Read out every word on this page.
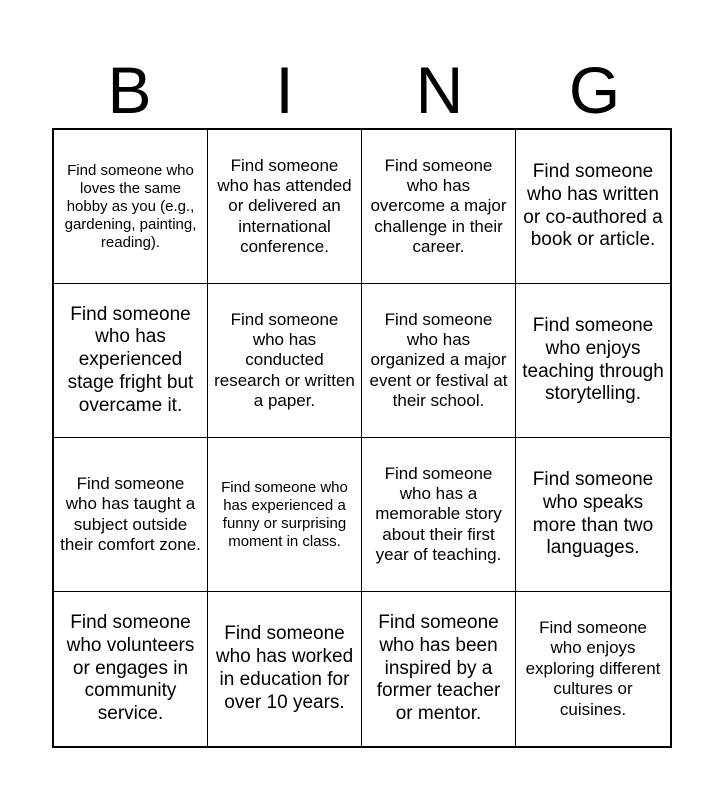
B	I	N	G
Find someone who loves the same hobby as you (e.g., gardening, painting, reading).
Find someone who has attended or delivered an international conference.
Find someone who has overcome a major challenge in their career.
Find someone who has written or co-authored a book or article.
Find someone who has experienced stage fright but overcame it.
Find someone who has conducted research or written a paper.
Find someone who has organized a major event or festival at their school.
Find someone who enjoys teaching through storytelling.
Find someone who has taught a subject outside their comfort zone.
Find someone who has experienced a funny or surprising moment in class.
Find someone who has a memorable story about their first year of teaching.
Find someone who speaks more than two languages.
Find someone who volunteers or engages in community service.
Find someone who has worked in education for over 10 years.
Find someone who has been inspired by a former teacher or mentor.
Find someone who enjoys exploring different cultures or cuisines.
